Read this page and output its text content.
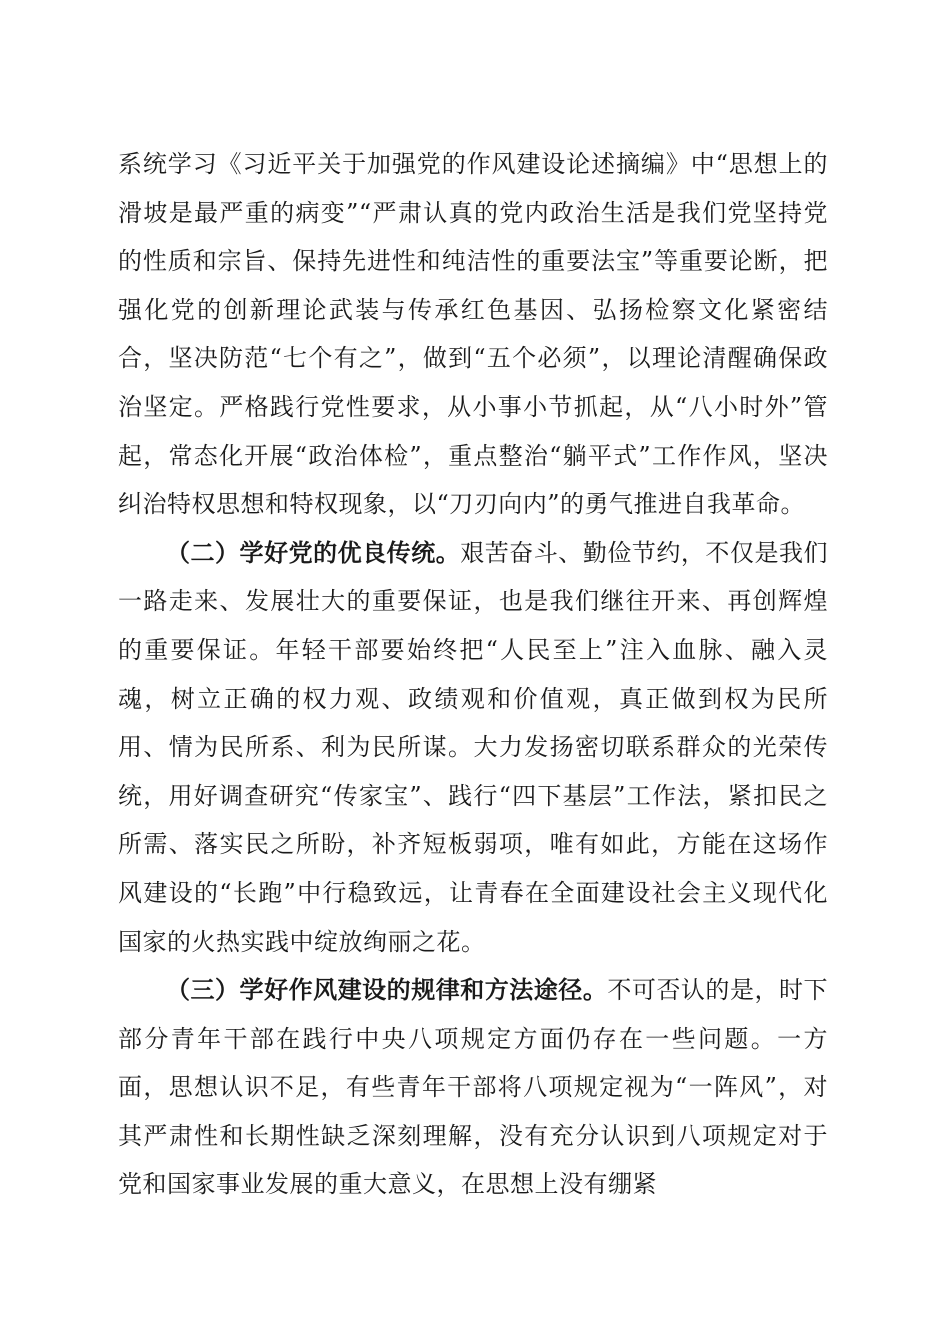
系统学习《习近平关于加强党的作风建设论述摘编》中“思想上的滑坡是最严重的病变”“严肃认真的党内政治生活是我们党坚持党的性质和宗旨、保持先进性和纯洁性的重要法宝”等重要论断，把强化党的创新理论武装与传承红色基因、弘扬检察文化紧密结合，坚决防范“七个有之”，做到“五个必须”，以理论清醒确保政治坚定。严格践行党性要求，从小事小节抓起，从“八小时外”管起，常态化开展“政治体检”，重点整治“躺平式”工作作风，坚决纠治特权思想和特权现象，以“刀刃向内”的勇气推进自我革命。

（二）学好党的优良传统。艰苦奋斗、勤俭节约，不仅是我们一路走来、发展壮大的重要保证，也是我们继往开来、再创辉煌的重要保证。年轻干部要始终把“人民至上”注入血脉、融入灵魂，树立正确的权力观、政绩观和价值观，真正做到权为民所用、情为民所系、利为民所谋。大力发扬密切联系群众的光荣传统，用好调查研究“传家宝”、践行“四下基层”工作法，紧扣民之所需、落实民之所盼，补齐短板弱项，唯有如此，方能在这场作风建设的“长跑”中行稳致远，让青春在全面建设社会主义现代化国家的火热实践中绽放绚丽之花。

（三）学好作风建设的规律和方法途径。不可否认的是，时下部分青年干部在践行中央八项规定方面仍存在一些问题。一方面，思想认识不足，有些青年干部将八项规定视为“一阵风”，对其严肃性和长期性缺乏深刻理解，没有充分认识到八项规定对于党和国家事业发展的重大意义，在思想上没有绷紧
